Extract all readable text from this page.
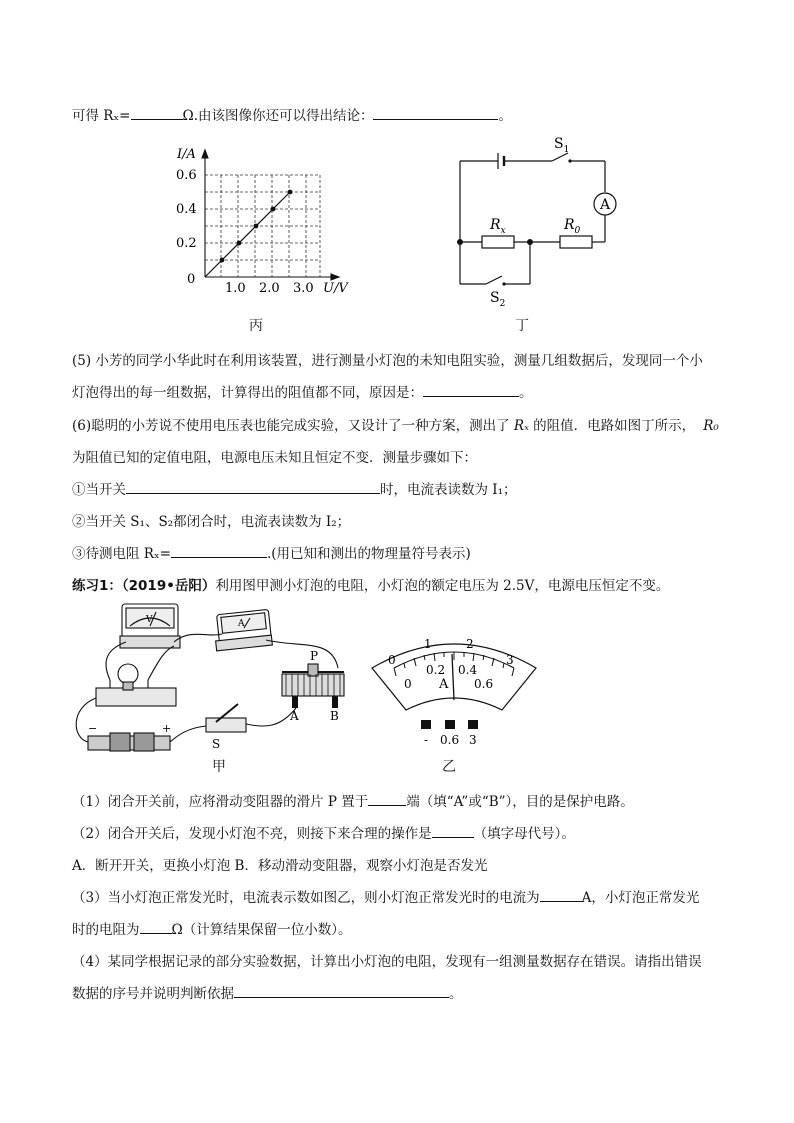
可得 Rₓ=	Ω.由该图像你还可以得出结论：	。
I/A
U/V
0
0.2
0.4
0.6
1.0 2.0 3.0
丙
$S_1$
A
$R_x$	$R_0$
$S_2$
丁
(5) 小芳的同学小华此时在利用该装置，进行测量小灯泡的未知电阻实验，测量几组数据后，发现同一个小
灯泡得出的每一组数据，计算得出的阻值都不同，原因是：	。
(6)聪明的小芳说不使用电压表也能完成实验，又设计了一种方案，测出了 Rₓ 的阻值．电路如图丁所示， R₀
为阻值已知的定值电阻，电源电压未知且恒定不变．测量步骤如下：
①当开关	时，电流表读数为 I₁；
②当开关 S₁、S₂都闭合时，电流表读数为 I₂；
③待测电阻 Rₓ=	.(用已知和测出的物理量符号表示)
练习1：（2019•岳阳）利用图甲测小灯泡的电阻，小灯泡的额定电压为 2.5V，电源电压恒定不变。
V	A
P
A	B
S
−	+
甲
0
1	2
3
0
0.2 0.4
0.6
A
- 0.6 3
乙
（1）闭合开关前，应将滑动变阻器的滑片 P 置于	端（填“A”或“B”），目的是保护电路。
（2）闭合开关后，发现小灯泡不亮，则接下来合理的操作是	（填字母代号）。
A．断开开关，更换小灯泡 B．移动滑动变阻器，观察小灯泡是否发光
（3）当小灯泡正常发光时，电流表示数如图乙，则小灯泡正常发光时的电流为	A，小灯泡正常发光
时的电阻为 Ω（计算结果保留一位小数）。
（4）某同学根据记录的部分实验数据，计算出小灯泡的电阻，发现有一组测量数据存在错误。请指出错误
数据的序号并说明判断依据	。
